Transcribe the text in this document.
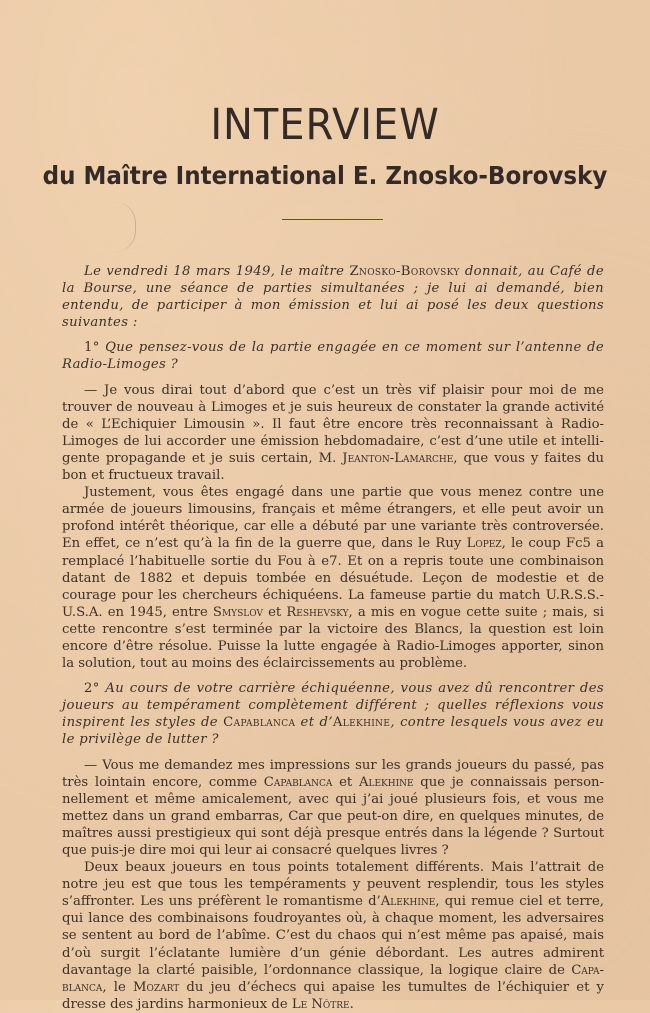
INTERVIEW
du Maître International E. Znosko-Borovsky

Le vendredi 18 mars 1949, le maître Znosko-Borovsky donnait, au Café de la Bourse, une séance de parties simultanées ; je lui ai demandé, bien entendu, de participer à mon émission et lui ai posé les deux questions suivantes :

1° Que pensez-vous de la partie engagée en ce moment sur l’antenne de Radio-Limoges ?

— Je vous dirai tout d’abord que c’est un très vif plaisir pour moi de me trouver de nouveau à Limoges et je suis heureux de constater la grande activité de « L’Echiquier Limousin ». Il faut être encore très reconnaissant à Radio-Limoges de lui accorder une émission hebdomadaire, c’est d’une utile et intelligente propagande et je suis certain, M. Jeanton-Lamarche, que vous y faites du bon et fructueux travail.

Justement, vous êtes engagé dans une partie que vous menez contre une armée de joueurs limousins, français et même étrangers, et elle peut avoir un profond intérêt théorique, car elle a débuté par une variante très controversée. En effet, ce n’est qu’à la fin de la guerre que, dans le Ruy Lopez, le coup Fc5 a remplacé l’habituelle sortie du Fou à e7. Et on a repris toute une combinaison datant de 1882 et depuis tombée en désuétude. Leçon de modestie et de courage pour les chercheurs échiquéens. La fameuse partie du match U.R.S.S.-U.S.A. en 1945, entre Smyslov et Reshevsky, a mis en vogue cette suite ; mais, si cette rencontre s’est terminée par la victoire des Blancs, la question est loin encore d’être résolue. Puisse la lutte engagée à Radio-Limoges apporter, sinon la solution, tout au moins des éclaircissements au problème.

2° Au cours de votre carrière échiquéenne, vous avez dû rencontrer des joueurs au tempérament complètement différent ; quelles réflexions vous inspirent les styles de Capablanca et d’Alekhine, contre lesquels vous avez eu le privilège de lutter ?

— Vous me demandez mes impressions sur les grands joueurs du passé, pas très lointain encore, comme Capablanca et Alekhine que je connaissais personnellement et même amicalement, avec qui j’ai joué plusieurs fois, et vous me mettez dans un grand embarras, Car que peut-on dire, en quelques minutes, de maîtres aussi prestigieux qui sont déjà presque entrés dans la légende ? Surtout que puis-je dire moi qui leur ai consacré quelques livres ?

Deux beaux joueurs en tous points totalement différents. Mais l’attrait de notre jeu est que tous les tempéraments y peuvent resplendir, tous les styles s’affronter. Les uns préfèrent le romantisme d’Alekhine, qui remue ciel et terre, qui lance des combinaisons foudroyantes où, à chaque moment, les adversaires se sentent au bord de l’abîme. C’est du chaos qui n’est même pas apaisé, mais d’où surgit l’éclatante lumière d’un génie débordant. Les autres admirent davantage la clarté paisible, l’ordonnance classique, la logique claire de Capablanca, le Mozart du jeu d’échecs qui apaise les tumultes de l’échiquier et y dresse des jardins harmonieux de Le Nôtre.
